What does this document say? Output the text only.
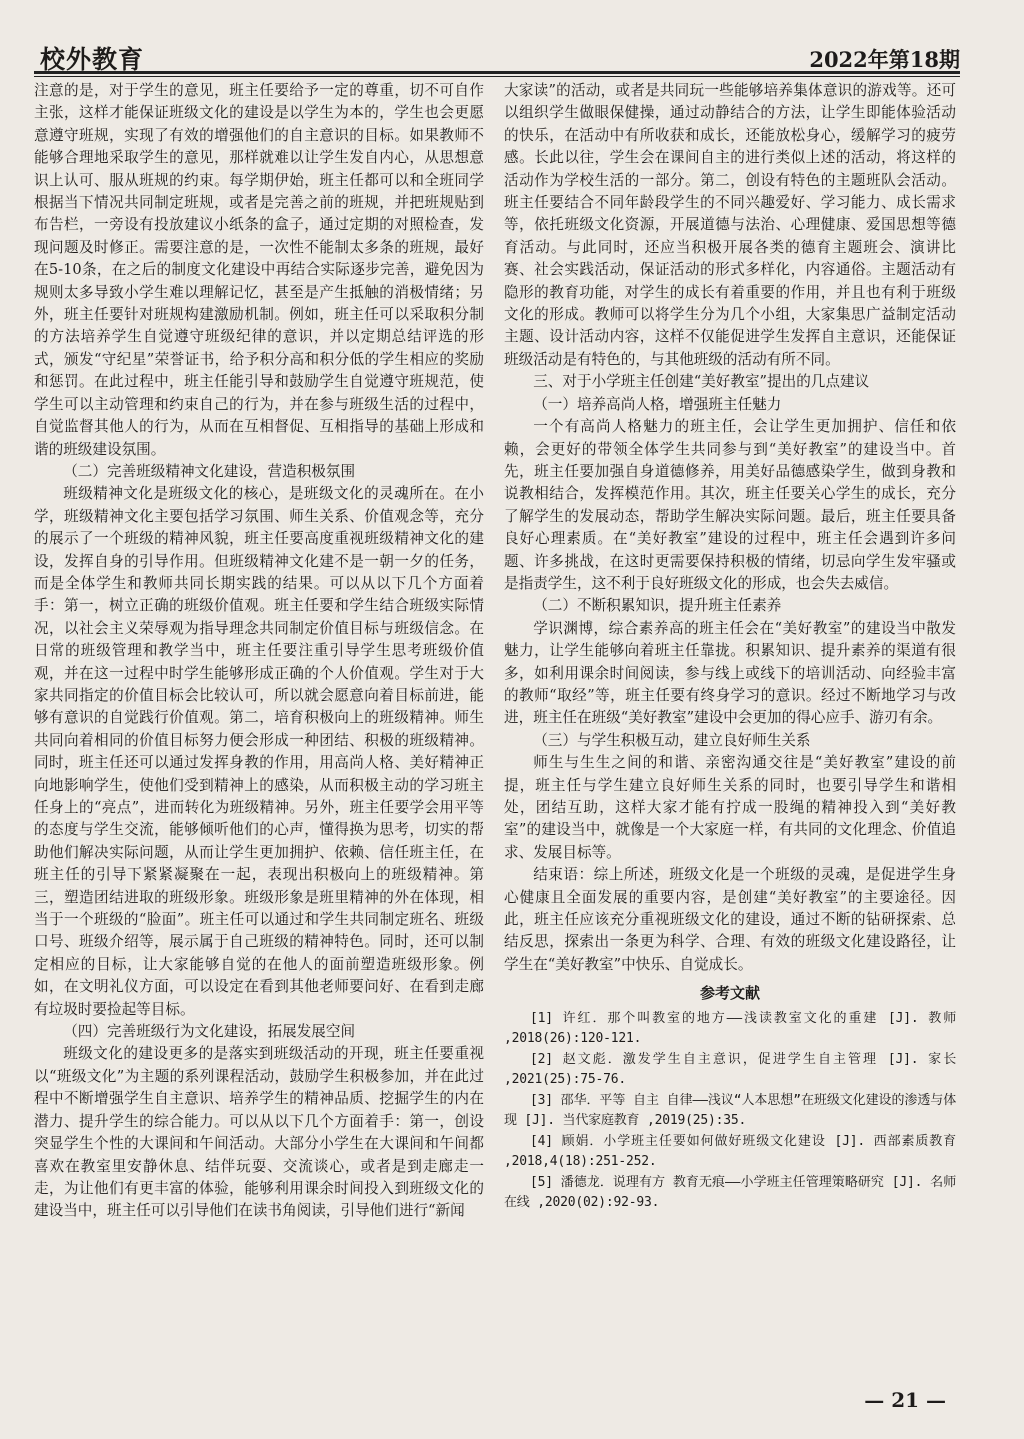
校外教育	2022年第18期

注意的是，对于学生的意见，班主任要给予一定的尊重，切不可自作主张，这样才能保证班级文化的建设是以学生为本的，学生也会更愿意遵守班规，实现了有效的增强他们的自主意识的目标。如果教师不能够合理地采取学生的意见，那样就难以让学生发自内心，从思想意识上认可、服从班规的约束。每学期伊始，班主任都可以和全班同学根据当下情况共同制定班规，或者是完善之前的班规，并把班规贴到布告栏，一旁设有投放建议小纸条的盒子，通过定期的对照检查，发现问题及时修正。需要注意的是，一次性不能制太多条的班规，最好在5-10条，在之后的制度文化建设中再结合实际逐步完善，避免因为规则太多导致小学生难以理解记忆，甚至是产生抵触的消极情绪；另外，班主任要针对班规构建激励机制。例如，班主任可以采取积分制的方法培养学生自觉遵守班级纪律的意识，并以定期总结评选的形式，颁发“守纪星”荣誉证书，给予积分高和积分低的学生相应的奖励和惩罚。在此过程中，班主任能引导和鼓励学生自觉遵守班规范，使学生可以主动管理和约束自己的行为，并在参与班级生活的过程中，自觉监督其他人的行为，从而在互相督促、互相指导的基础上形成和谐的班级建设氛围。

（二）完善班级精神文化建设，营造积极氛围

班级精神文化是班级文化的核心，是班级文化的灵魂所在。在小学，班级精神文化主要包括学习氛围、师生关系、价值观念等，充分的展示了一个班级的精神风貌，班主任要高度重视班级精神文化的建设，发挥自身的引导作用。但班级精神文化建不是一朝一夕的任务，而是全体学生和教师共同长期实践的结果。可以从以下几个方面着手：第一，树立正确的班级价值观。班主任要和学生结合班级实际情况，以社会主义荣辱观为指导理念共同制定价值目标与班级信念。在日常的班级管理和教学当中，班主任要注重引导学生思考班级价值观，并在这一过程中时学生能够形成正确的个人价值观。学生对于大家共同指定的价值目标会比较认可，所以就会愿意向着目标前进，能够有意识的自觉践行价值观。第二，培育积极向上的班级精神。师生共同向着相同的价值目标努力便会形成一种团结、积极的班级精神。同时，班主任还可以通过发挥身教的作用，用高尚人格、美好精神正向地影响学生，使他们受到精神上的感染，从而积极主动的学习班主任身上的“亮点”，进而转化为班级精神。另外，班主任要学会用平等的态度与学生交流，能够倾听他们的心声，懂得换为思考，切实的帮助他们解决实际问题，从而让学生更加拥护、依赖、信任班主任，在班主任的引导下紧紧凝聚在一起，表现出积极向上的班级精神。第三，塑造团结进取的班级形象。班级形象是班里精神的外在体现，相当于一个班级的“脸面”。班主任可以通过和学生共同制定班名、班级口号、班级介绍等，展示属于自己班级的精神特色。同时，还可以制定相应的目标，让大家能够自觉的在他人的面前塑造班级形象。例如，在文明礼仪方面，可以设定在看到其他老师要问好、在看到走廊有垃圾时要捡起等目标。

（四）完善班级行为文化建设，拓展发展空间

班级文化的建设更多的是落实到班级活动的开现，班主任要重视以“班级文化”为主题的系列课程活动，鼓励学生积极参加，并在此过程中不断增强学生自主意识、培养学生的精神品质、挖掘学生的内在潜力、提升学生的综合能力。可以从以下几个方面着手：第一，创设突显学生个性的大课间和午间活动。大部分小学生在大课间和午间都喜欢在教室里安静休息、结伴玩耍、交流谈心，或者是到走廊走一走，为让他们有更丰富的体验，能够利用课余时间投入到班级文化的建设当中，班主任可以引导他们在读书角阅读，引导他们进行“新闻

大家读”的活动，或者是共同玩一些能够培养集体意识的游戏等。还可以组织学生做眼保健操，通过动静结合的方法，让学生即能体验活动的快乐，在活动中有所收获和成长，还能放松身心，缓解学习的疲劳感。长此以往，学生会在课间自主的进行类似上述的活动，将这样的活动作为学校生活的一部分。第二，创设有特色的主题班队会活动。班主任要结合不同年龄段学生的不同兴趣爱好、学习能力、成长需求等，依托班级文化资源，开展道德与法治、心理健康、爱国思想等德育活动。与此同时，还应当积极开展各类的德育主题班会、演讲比赛、社会实践活动，保证活动的形式多样化，内容通俗。主题活动有隐形的教育功能，对学生的成长有着重要的作用，并且也有利于班级文化的形成。教师可以将学生分为几个小组，大家集思广益制定活动主题、设计活动内容，这样不仅能促进学生发挥自主意识，还能保证班级活动是有特色的，与其他班级的活动有所不同。

三、对于小学班主任创建“美好教室”提出的几点建议
（一）培养高尚人格，增强班主任魅力

一个有高尚人格魅力的班主任，会让学生更加拥护、信任和依赖，会更好的带领全体学生共同参与到“美好教室”的建设当中。首先，班主任要加强自身道德修养，用美好品德感染学生，做到身教和说教相结合，发挥模范作用。其次，班主任要关心学生的成长，充分了解学生的发展动态，帮助学生解决实际问题。最后，班主任要具备良好心理素质。在“美好教室”建设的过程中，班主任会遇到许多问题、许多挑战，在这时更需要保持积极的情绪，切忌向学生发牢骚或是指责学生，这不利于良好班级文化的形成，也会失去威信。

（二）不断积累知识，提升班主任素养

学识渊博，综合素养高的班主任会在“美好教室”的建设当中散发魅力，让学生能够向着班主任靠拢。积累知识、提升素养的渠道有很多，如利用课余时间阅读，参与线上或线下的培训活动、向经验丰富的教师“取经”等，班主任要有终身学习的意识。经过不断地学习与改进，班主任在班级“美好教室”建设中会更加的得心应手、游刃有余。

（三）与学生积极互动，建立良好师生关系

师生与生生之间的和谐、亲密沟通交往是“美好教室”建设的前提，班主任与学生建立良好师生关系的同时，也要引导学生和谐相处，团结互助，这样大家才能有拧成一股绳的精神投入到“美好教室”的建设当中，就像是一个大家庭一样，有共同的文化理念、价值追求、发展目标等。

结束语：综上所述，班级文化是一个班级的灵魂，是促进学生身心健康且全面发展的重要内容，是创建“美好教室”的主要途径。因此，班主任应该充分重视班级文化的建设，通过不断的钻研探索、总结反思，探索出一条更为科学、合理、有效的班级文化建设路径，让学生在“美好教室”中快乐、自觉成长。

参考文献

[1] 许红．那个叫教室的地方——浅读教室文化的重建 [J]. 教师 ,2018(26):120-121.

[2] 赵文彪．激发学生自主意识，促进学生自主管理 [J]. 家长 ,2021(25):75-76.

[3] 邵华．平等 自主 自律——浅议“人本思想”在班级文化建设的渗透与体现 [J]. 当代家庭教育 ,2019(25):35.

[4] 顾娟．小学班主任要如何做好班级文化建设 [J]. 西部素质教育 ,2018,4(18):251-252.

[5] 潘德龙．说理有方 教育无痕——小学班主任管理策略研究 [J]. 名师在线 ,2020(02):92-93.

— 21 —
